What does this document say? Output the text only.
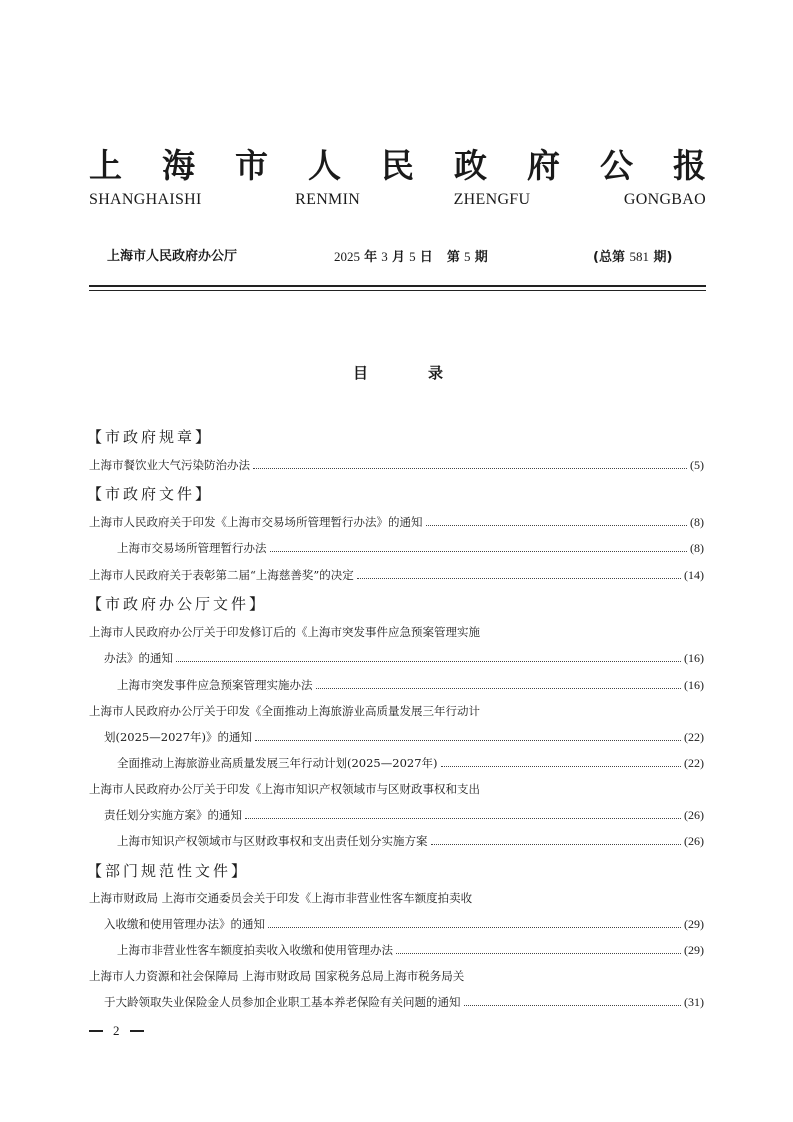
上 海 市 人 民 政 府 公 报
SHANGHAISHI	RENMIN	ZHENGFU	GONGBAO
上海市人民政府办公厅	2025 年 3 月 5 日 第 5 期	(总第 581 期)
目	录
【市政府规章】
上海市餐饮业大气污染防治办法	(5)
【市政府文件】
上海市人民政府关于印发《上海市交易场所管理暂行办法》的通知	(8)
上海市交易场所管理暂行办法	(8)
上海市人民政府关于表彰第二届“上海慈善奖”的决定	(14)
【市政府办公厅文件】
上海市人民政府办公厅关于印发修订后的《上海市突发事件应急预案管理实施
办法》的通知	(16)
上海市突发事件应急预案管理实施办法	(16)
上海市人民政府办公厅关于印发《全面推动上海旅游业高质量发展三年行动计
划(2025—2027年)》的通知	(22)
全面推动上海旅游业高质量发展三年行动计划(2025—2027年)	(22)
上海市人民政府办公厅关于印发《上海市知识产权领域市与区财政事权和支出
责任划分实施方案》的通知	(26)
上海市知识产权领域市与区财政事权和支出责任划分实施方案	(26)
【部门规范性文件】
上海市财政局 上海市交通委员会关于印发《上海市非营业性客车额度拍卖收
入收缴和使用管理办法》的通知	(29)
上海市非营业性客车额度拍卖收入收缴和使用管理办法	(29)
上海市人力资源和社会保障局 上海市财政局 国家税务总局上海市税务局关
于大龄领取失业保险金人员参加企业职工基本养老保险有关问题的通知	(31)
2
